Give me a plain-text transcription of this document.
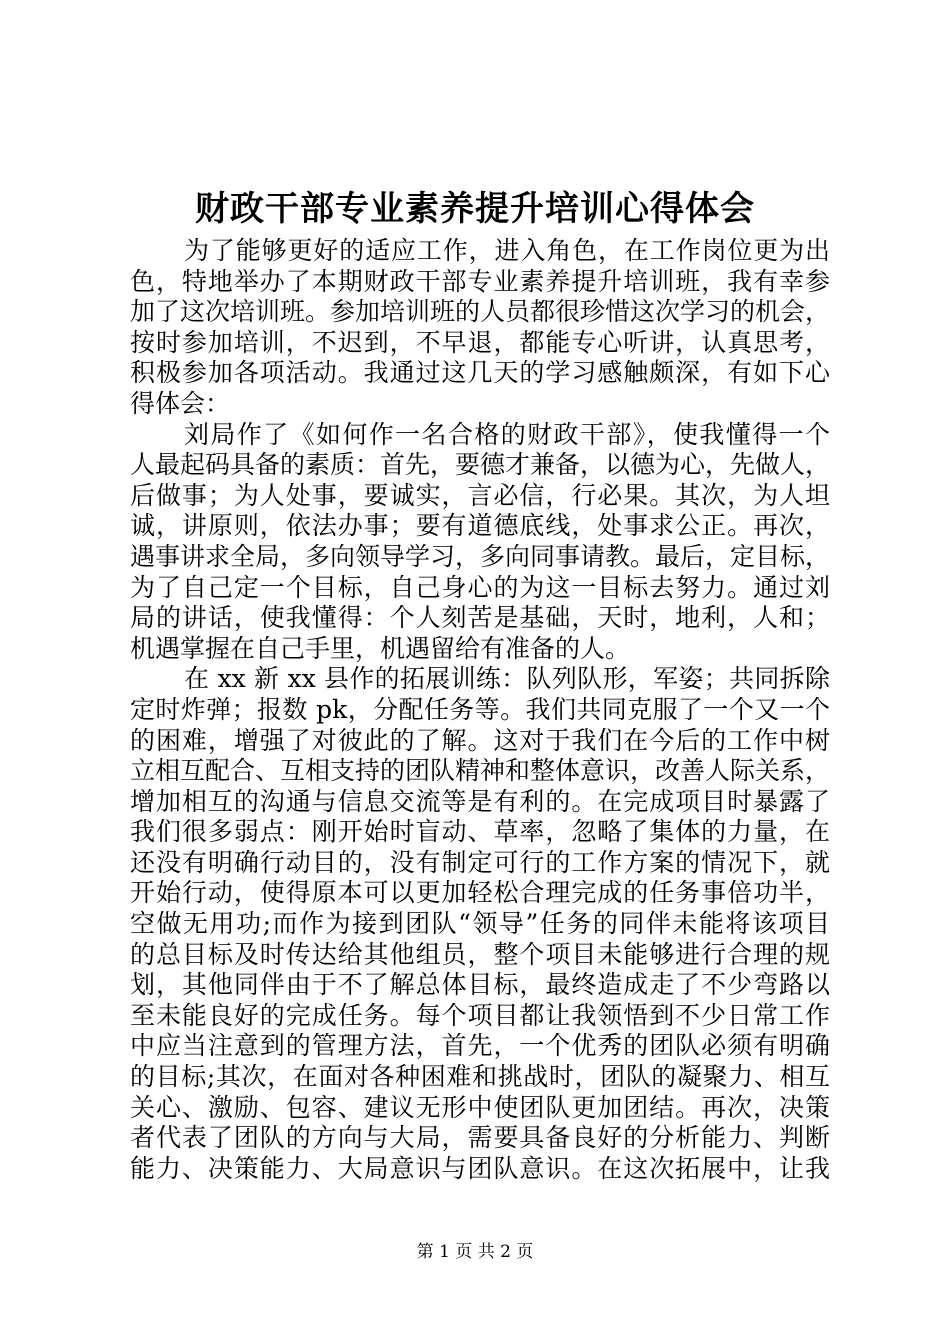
财政干部专业素养提升培训心得体会
为了能够更好的适应工作，进入角色，在工作岗位更为出
色，特地举办了本期财政干部专业素养提升培训班，我有幸参
加了这次培训班。参加培训班的人员都很珍惜这次学习的机会，
按时参加培训，不迟到，不早退，都能专心听讲，认真思考，
积极参加各项活动。我通过这几天的学习感触颇深，有如下心
得体会：
刘局作了《如何作一名合格的财政干部》，使我懂得一个
人最起码具备的素质：首先，要德才兼备，以德为心，先做人，
后做事；为人处事，要诚实，言必信，行必果。其次，为人坦
诚，讲原则，依法办事；要有道德底线，处事求公正。再次，
遇事讲求全局，多向领导学习，多向同事请教。最后，定目标，
为了自己定一个目标，自己身心的为这一目标去努力。通过刘
局的讲话，使我懂得：个人刻苦是基础，天时，地利，人和；
机遇掌握在自己手里，机遇留给有准备的人。
在 xx 新 xx 县作的拓展训练：队列队形，军姿；共同拆除
定时炸弹；报数 pk，分配任务等。我们共同克服了一个又一个
的困难，增强了对彼此的了解。这对于我们在今后的工作中树
立相互配合、互相支持的团队精神和整体意识，改善人际关系，
增加相互的沟通与信息交流等是有利的。在完成项目时暴露了
我们很多弱点：刚开始时盲动、草率，忽略了集体的力量，在
还没有明确行动目的，没有制定可行的工作方案的情况下，就
开始行动，使得原本可以更加轻松合理完成的任务事倍功半，
空做无用功;而作为接到团队“领导”任务的同伴未能将该项目
的总目标及时传达给其他组员，整个项目未能够进行合理的规
划，其他同伴由于不了解总体目标，最终造成走了不少弯路以
至未能良好的完成任务。每个项目都让我领悟到不少日常工作
中应当注意到的管理方法，首先，一个优秀的团队必须有明确
的目标;其次，在面对各种困难和挑战时，团队的凝聚力、相互
关心、激励、包容、建议无形中使团队更加团结。再次，决策
者代表了团队的方向与大局，需要具备良好的分析能力、判断
能力、决策能力、大局意识与团队意识。在这次拓展中，让我
第 1 页 共 2 页
